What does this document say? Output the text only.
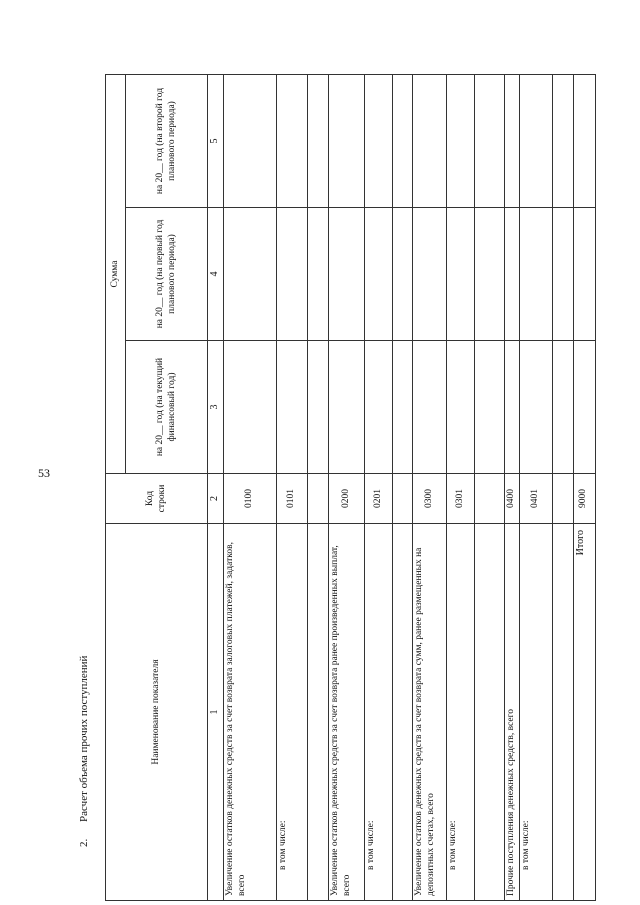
53
2. Расчет объема прочих поступлений	Наименование показателя	Код строки	Сумма		
		на 20__ год (на текущий финансовый год)	на 20__ год (на первый год планового периода)	на 20__ год (на второй год планового периода)
1	2	3	4	5
Увеличение остатков денежных средств за счет возврата залоговых платежей, задатков, всего	0100			
в том числе:	0101			

Увеличение остатков денежных средств за счет возврата ранее произведенных выплат, всего	0200			
в том числе:	0201			

Увеличение остатков денежных средств за счет возврата сумм, ранее размещенных на депозитных счетах, всего	0300			
в том числе:	0301			

Прочие поступления денежных средств, всего	0400			
в том числе:	0401			

Итого	9000			
